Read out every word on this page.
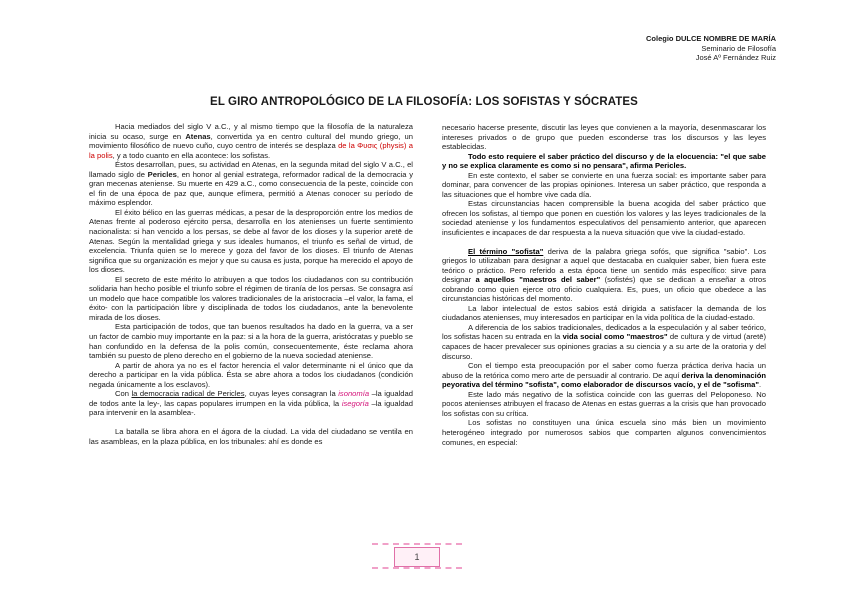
Colegio DULCE NOMBRE DE MARÍA
Seminario de Filosofía
José Aº Fernández Ruiz
EL GIRO ANTROPOLÓGICO DE LA FILOSOFÍA: LOS SOFISTAS Y SÓCRATES

Hacia mediados del siglo V a.C., y al mismo tiempo que la filosofía de la naturaleza inicia su ocaso, surge en Atenas, convertida ya en centro cultural del mundo griego, un movimiento filosófico de nuevo cuño, cuyo centro de interés se desplaza de la Φυσις (physis) a la polis, y a todo cuanto en ella acontece: los sofistas.

Éstos desarrollan, pues, su actividad en Atenas, en la segunda mitad del siglo V a.C., el llamado siglo de Pericles, en honor al genial estratega, reformador radical de la democracia y gran mecenas ateniense. Su muerte en 429 a.C., como consecuencia de la peste, coincide con el fin de una época de paz que, aunque efímera, permitió a Atenas conocer su período de máximo esplendor.

El éxito bélico en las guerras médicas, a pesar de la desproporción entre los medios de Atenas frente al poderoso ejército persa, desarrolla en los atenienses un fuerte sentimiento nacionalista: si han vencido a los persas, se debe al favor de los dioses y la superior aretē de Atenas. Según la mentalidad griega y sus ideales humanos, el triunfo es señal de virtud, de excelencia. Triunfa quien se lo merece y goza del favor de los dioses. El triunfo de Atenas significa que su organización es mejor y que su causa es justa, porque ha merecido el apoyo de los dioses.

El secreto de este mérito lo atribuyen a que todos los ciudadanos con su contribución solidaria han hecho posible el triunfo sobre el régimen de tiranía de los persas. Se consagra así un modelo que hace compatible los valores tradicionales de la aristocracia –el valor, la fama, el éxito- con la participación libre y disciplinada de todos los ciudadanos, ante la benevolente mirada de los dioses.

Esta participación de todos, que tan buenos resultados ha dado en la guerra, va a ser un factor de cambio muy importante en la paz: si a la hora de la guerra, aristócratas y pueblo se han confundido en la defensa de la polis común, consecuentemente, éste reclama ahora también su puesto de pleno derecho en el gobierno de la nueva sociedad ateniense.

A partir de ahora ya no es el factor herencia el valor determinante ni el único que da derecho a participar en la vida pública. Ésta se abre ahora a todos los ciudadanos (condición negada únicamente a los esclavos).

Con la democracia radical de Pericles, cuyas leyes consagran la isonomía –la igualdad de todos ante la ley-, las capas populares irrumpen en la vida pública, la isegoría –la igualdad para intervenir en la asamblea-.

La batalla se libra ahora en el ágora de la ciudad. La vida del ciudadano se ventila en las asambleas, en la plaza pública, en los tribunales: ahí es donde es

necesario hacerse presente, discutir las leyes que convienen a la mayoría, desenmascarar los intereses privados o de grupo que pueden esconderse tras los discursos y las leyes establecidas.

Todo esto requiere el saber práctico del discurso y de la elocuencia: "el que sabe y no se explica claramente es como si no pensara", afirma Pericles.

En este contexto, el saber se convierte en una fuerza social: es importante saber para dominar, para convencer de las propias opiniones. Interesa un saber práctico, que responda a las situaciones que el hombre vive cada día.

Estas circunstancias hacen comprensible la buena acogida del saber práctico que ofrecen los sofistas, al tiempo que ponen en cuestión los valores y las leyes tradicionales de la sociedad ateniense y los fundamentos especulativos del pensamiento anterior, que aparecen insuficientes e incapaces de dar respuesta a la nueva situación que vive la ciudad-estado.

El término "sofista" deriva de la palabra griega sofós, que significa "sabio". Los griegos lo utilizaban para designar a aquel que destacaba en cualquier saber, bien fuera este teórico o práctico. Pero referido a esta época tiene un sentido más específico: sirve para designar a aquellos "maestros del saber" (sofistés) que se dedican a enseñar a otros cobrando como quien ejerce otro oficio cualquiera. Es, pues, un oficio que obedece a las circunstancias históricas del momento.

La labor intelectual de estos sabios está dirigida a satisfacer la demanda de los ciudadanos atenienses, muy interesados en participar en la vida política de la ciudad-estado.

A diferencia de los sabios tradicionales, dedicados a la especulación y al saber teórico, los sofistas hacen su entrada en la vida social como "maestros" de cultura y de virtud (aretē) capaces de hacer prevalecer sus opiniones gracias a su ciencia y a su arte de la oratoria y del discurso.

Con el tiempo esta preocupación por el saber como fuerza práctica deriva hacia un abuso de la retórica como mero arte de persuadir al contrario. De aquí deriva la denominación peyorativa del término "sofista", como elaborador de discursos vacío, y el de "sofisma".

Este lado más negativo de la sofística coincide con las guerras del Peloponeso. No pocos atenienses atribuyen el fracaso de Atenas en estas guerras a la crisis que han provocado los sofistas con su crítica.

Los sofistas no constituyen una única escuela sino más bien un movimiento heterogéneo integrado por numerosos sabios que comparten algunos convencimientos comunes, en especial:

1
